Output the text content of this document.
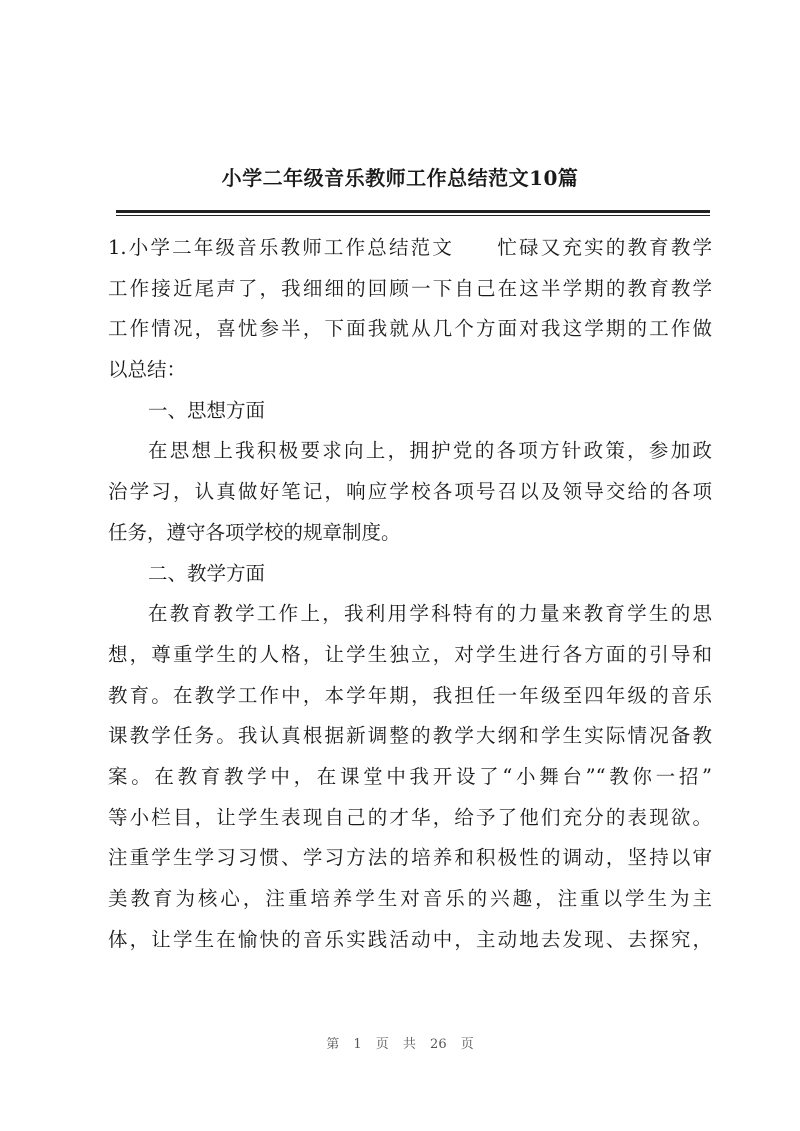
小学二年级音乐教师工作总结范文10篇
1.小学二年级音乐教师工作总结范文　　忙碌又充实的教育教学
工作接近尾声了，我细细的回顾一下自己在这半学期的教育教学
工作情况，喜忧参半，下面我就从几个方面对我这学期的工作做
以总结：
一、思想方面
在思想上我积极要求向上，拥护党的各项方针政策，参加政
治学习，认真做好笔记，响应学校各项号召以及领导交给的各项
任务，遵守各项学校的规章制度。
二、教学方面
在教育教学工作上，我利用学科特有的力量来教育学生的思
想，尊重学生的人格，让学生独立，对学生进行各方面的引导和
教育。在教学工作中，本学年期，我担任一年级至四年级的音乐
课教学任务。我认真根据新调整的教学大纲和学生实际情况备教
案。在教育教学中，在课堂中我开设了“小舞台”“教你一招”
等小栏目，让学生表现自己的才华，给予了他们充分的表现欲。
注重学生学习习惯、学习方法的培养和积极性的调动，坚持以审
美教育为核心，注重培养学生对音乐的兴趣，注重以学生为主
体，让学生在愉快的音乐实践活动中，主动地去发现、去探究，
第 1 页 共 26 页
